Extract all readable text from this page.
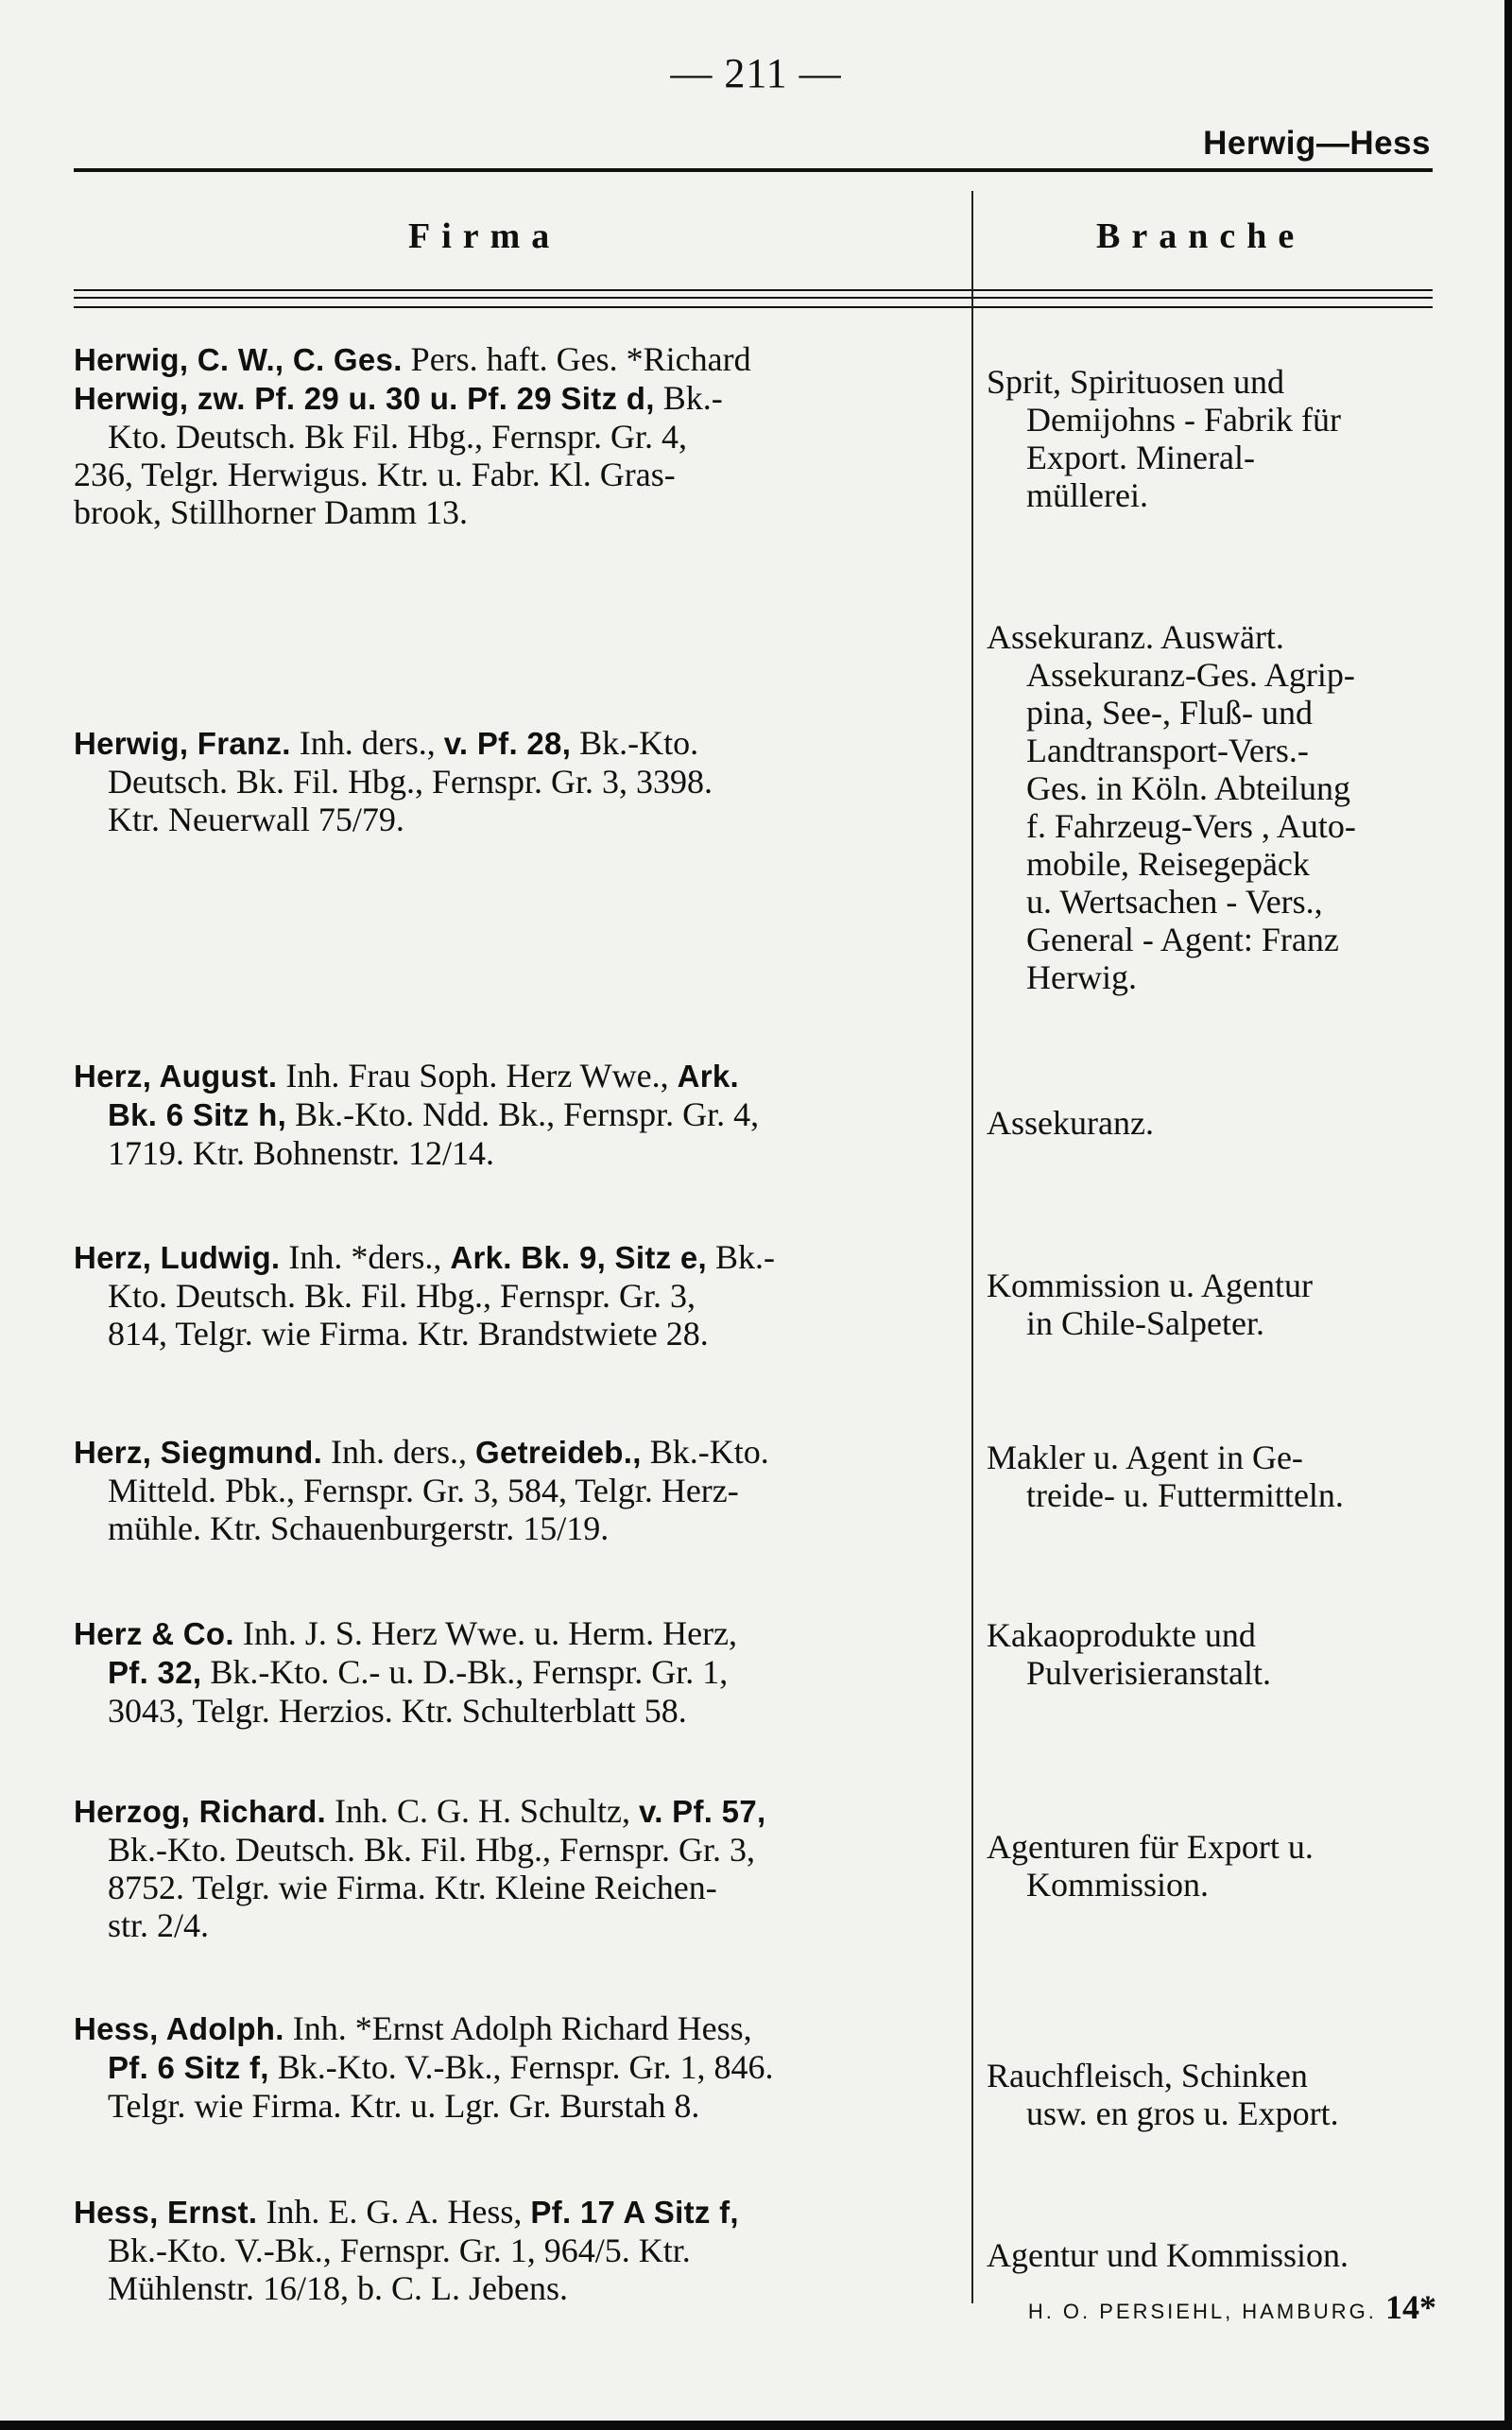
— 211 —
Herwig—Hess
Firma	Branche
Herwig, C. W., C. Ges. Pers. haft. Ges. *Richard
Herwig, zw. Pf. 29 u. 30 u. Pf. 29 Sitz d, Bk.-
Kto. Deutsch. Bk Fil. Hbg., Fernspr. Gr. 4,
236, Telgr. Herwigus. Ktr. u. Fabr. Kl. Gras-
brook, Stillhorner Damm 13.
Sprit, Spirituosen und
Demijohns - Fabrik für
Export. Mineral-
müllerei.
Herwig, Franz. Inh. ders., v. Pf. 28, Bk.-Kto.
Deutsch. Bk. Fil. Hbg., Fernspr. Gr. 3, 3398.
Ktr. Neuerwall 75/79.
Assekuranz. Auswärt.
Assekuranz-Ges. Agrip-
pina, See-, Fluß- und
Landtransport-Vers.-
Ges. in Köln. Abteilung
f. Fahrzeug-Vers , Auto-
mobile, Reisegepäck
u. Wertsachen - Vers.,
General - Agent: Franz
Herwig.
Herz, August. Inh. Frau Soph. Herz Wwe., Ark.
Bk. 6 Sitz h, Bk.-Kto. Ndd. Bk., Fernspr. Gr. 4,
1719. Ktr. Bohnenstr. 12/14.
Assekuranz.
Herz, Ludwig. Inh. *ders., Ark. Bk. 9, Sitz e, Bk.-
Kto. Deutsch. Bk. Fil. Hbg., Fernspr. Gr. 3,
814, Telgr. wie Firma. Ktr. Brandstwiete 28.
Kommission u. Agentur
in Chile-Salpeter.
Herz, Siegmund. Inh. ders., Getreideb., Bk.-Kto.
Mitteld. Pbk., Fernspr. Gr. 3, 584, Telgr. Herz-
mühle. Ktr. Schauenburgerstr. 15/19.
Makler u. Agent in Ge-
treide- u. Futtermitteln.
Herz & Co. Inh. J. S. Herz Wwe. u. Herm. Herz,
Pf. 32, Bk.-Kto. C.- u. D.-Bk., Fernspr. Gr. 1,
3043, Telgr. Herzios. Ktr. Schulterblatt 58.
Kakaoprodukte und
Pulverisieranstalt.
Herzog, Richard. Inh. C. G. H. Schultz, v. Pf. 57,
Bk.-Kto. Deutsch. Bk. Fil. Hbg., Fernspr. Gr. 3,
8752. Telgr. wie Firma. Ktr. Kleine Reichen-
str. 2/4.
Agenturen für Export u.
Kommission.
Hess, Adolph. Inh. *Ernst Adolph Richard Hess,
Pf. 6 Sitz f, Bk.-Kto. V.-Bk., Fernspr. Gr. 1, 846.
Telgr. wie Firma. Ktr. u. Lgr. Gr. Burstah 8.
Rauchfleisch, Schinken
usw. en gros u. Export.
Hess, Ernst. Inh. E. G. A. Hess, Pf. 17 A Sitz f,
Bk.-Kto. V.-Bk., Fernspr. Gr. 1, 964/5. Ktr.
Mühlenstr. 16/18, b. C. L. Jebens.
Agentur und Kommission.
H. O. PERSIEHL, HAMBURG. 14*
